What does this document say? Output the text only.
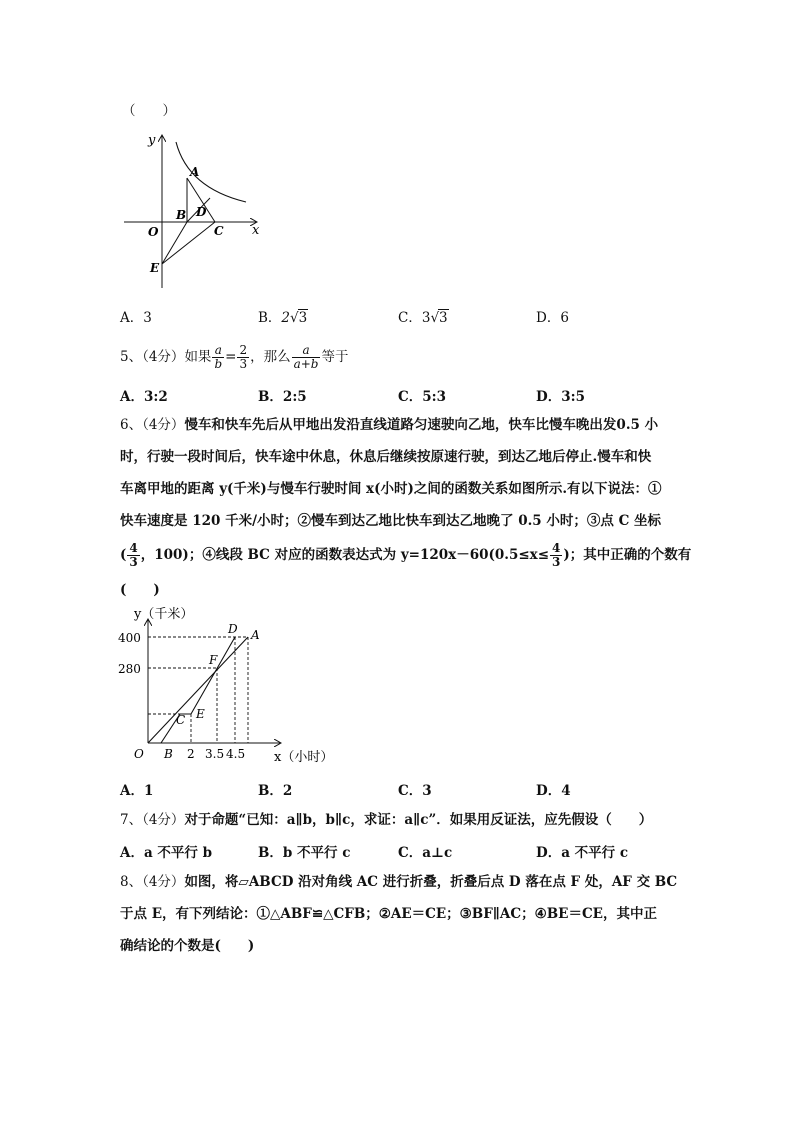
（　　）
y
x
O
A
B
C
D
E
A．3	B．2√3	C．3√3	D．6
5、（4分）如果 $\frac{a}{b} = \frac{2}{3}$ ，那么 $\frac{a}{a+b}$ 等于
A．3:2	B．2:5	C．5:3	D．3:5
6、（4分）慢车和快车先后从甲地出发沿直线道路匀速驶向乙地，快车比慢车晚出发0.5 小
时，行驶一段时间后，快车途中休息，休息后继续按原速行驶，到达乙地后停止.慢车和快
车离甲地的距离 y(千米)与慢车行驶时间 x(小时)之间的函数关系如图所示.有以下说法：①
快车速度是 120 千米/小时；②慢车到达乙地比快车到达乙地晚了 0.5 小时；③点 C 坐标
( $\frac{4}{3}$ ，100)；④线段 BC 对应的函数表达式为 $y=120x-60(0.5\le x\le \frac{4}{3}$ )；其中正确的个数有
(　　)
y（千米）
x（小时）
400
280
2 3.5 4.5
O B
C E
F
D A
A．1	B．2	C．3	D．4
7、（4分）对于命题“已知：a∥b，b∥c，求证：a∥c”．如果用反证法，应先假设（　　）
A．a 不平行 b	B．b 不平行 c	C．a⊥c	D．a 不平行 c
8、（4分）如图，将▱ABCD 沿对角线 AC 进行折叠，折叠后点 D 落在点 F 处，AF 交 BC
于点 E，有下列结论：①△ABF≌△CFB；②AE＝CE；③BF∥AC；④BE＝CE，其中正
确结论的个数是(　　)
